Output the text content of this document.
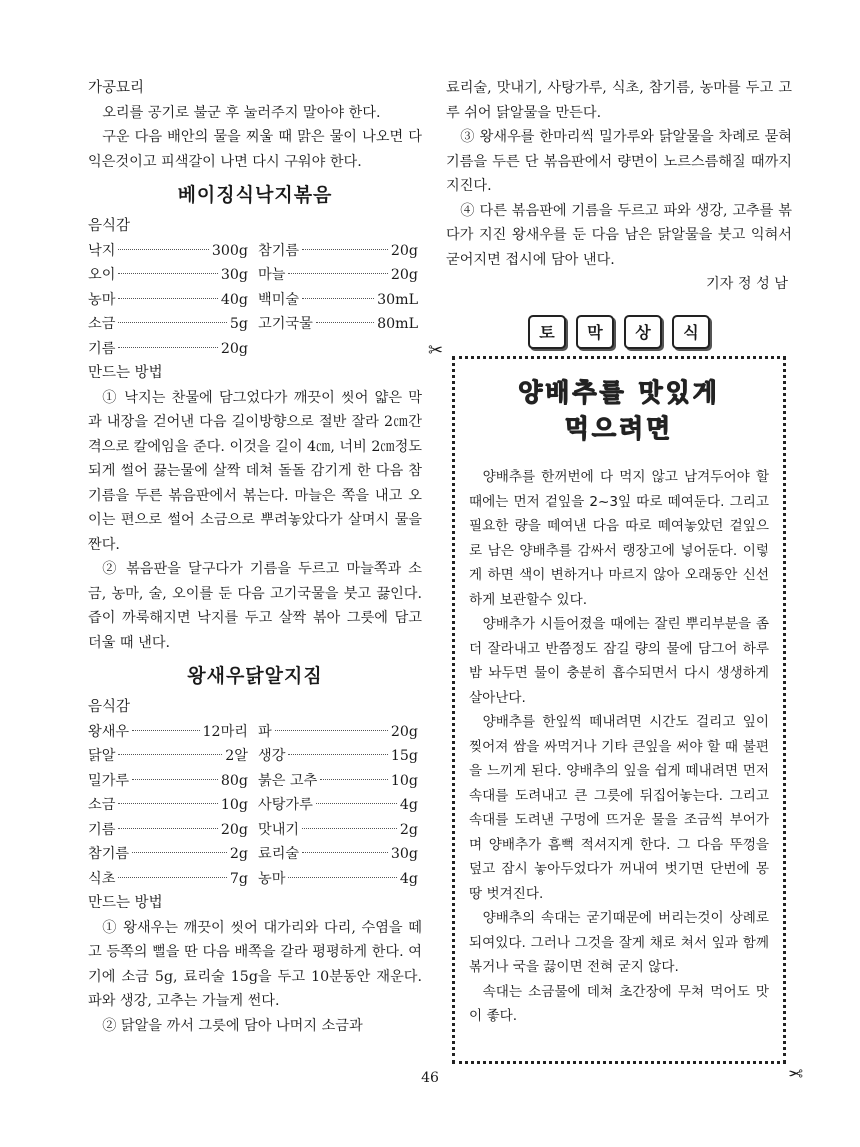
가공묘리

오리를 공기로 불군 후 눌러주지 말아야 한다.

구운 다음 배안의 물을 찌울 때 맑은 물이 나오면 다 익은것이고 피색갈이 나면 다시 구워야 한다.

베이징식낙지볶음
음식감
낙지	300g 참기름	20g
오이	30g 마늘	20g
농마	40g 백미술	30mL
소금	5g 고기국물	80mL
기름	20g
만드는 방법

① 낙지는 찬물에 담그었다가 깨끗이 씻어 얇은 막과 내장을 걷어낸 다음 길이방향으로 절반 잘라 2㎝간격으로 칼에임을 준다. 이것을 길이 4㎝, 너비 2㎝정도 되게 썰어 끓는물에 살짝 데쳐 돌돌 감기게 한 다음 참기름을 두른 볶음판에서 볶는다. 마늘은 쪽을 내고 오이는 편으로 썰어 소금으로 뿌려놓았다가 살며시 물을 짠다.

② 볶음판을 달구다가 기름을 두르고 마늘쪽과 소금, 농마, 술, 오이를 둔 다음 고기국물을 붓고 끓인다. 즙이 까룩해지면 낙지를 두고 살짝 볶아 그릇에 담고 더울 때 낸다.

왕새우닭알지짐
음식감
왕새우	12마리 파	20g
닭알	2알 생강	15g
밀가루	80g 붉은 고추	10g
소금	10g 사탕가루	4g
기름	20g 맛내기	2g
참기름	2g 료리술	30g
식초	7g 농마	4g
만드는 방법

① 왕새우는 깨끗이 씻어 대가리와 다리, 수염을 떼고 등쪽의 뻘을 딴 다음 배쪽을 갈라 평평하게 한다. 여기에 소금 5g, 료리술 15g을 두고 10분동안 재운다. 파와 생강, 고추는 가늘게 썬다.

② 닭알을 까서 그릇에 담아 나머지 소금과

료리술, 맛내기, 사탕가루, 식초, 참기름, 농마를 두고 고루 쉬어 닭알물을 만든다.

③ 왕새우를 한마리씩 밀가루와 닭알물을 차례로 묻혀 기름을 두른 단 볶음판에서 량면이 노르스름해질 때까지 지진다.

④ 다른 볶음판에 기름을 두르고 파와 생강, 고추를 볶다가 지진 왕새우를 둔 다음 남은 닭알물을 붓고 익혀서 굳어지면 접시에 담아 낸다.

기자 정 성 남
토	막	상	식
✂
✂
양배추를 맛있게
먹으려면

양배추를 한꺼번에 다 먹지 않고 남겨두어야 할 때에는 먼저 겉잎을 2~3잎 따로 떼여둔다. 그리고 필요한 량을 떼여낸 다음 따로 떼여놓았던 겉잎으로 남은 양배추를 감싸서 랭장고에 넣어둔다. 이렇게 하면 색이 변하거나 마르지 않아 오래동안 신선하게 보관할수 있다.

양배추가 시들어졌을 때에는 잘린 뿌리부분을 좀 더 잘라내고 반쯤정도 잠길 량의 물에 담그어 하루밤 놔두면 물이 충분히 흡수되면서 다시 생생하게 살아난다.

양배추를 한잎씩 떼내려면 시간도 걸리고 잎이 찢어져 쌈을 싸먹거나 기타 큰잎을 써야 할 때 불편을 느끼게 된다. 양배추의 잎을 쉽게 떼내려면 먼저 속대를 도려내고 큰 그릇에 뒤집어놓는다. 그리고 속대를 도려낸 구멍에 뜨거운 물을 조금씩 부어가며 양배추가 흠뻑 적셔지게 한다. 그 다음 뚜껑을 덮고 잠시 놓아두었다가 꺼내여 벗기면 단번에 몽땅 벗겨진다.

양배추의 속대는 굳기때문에 버리는것이 상례로 되여있다. 그러나 그것을 잘게 채로 쳐서 잎과 함께 볶거나 국을 끓이면 전혀 굳지 않다.

속대는 소금물에 데쳐 초간장에 무쳐 먹어도 맛이 좋다.

46
